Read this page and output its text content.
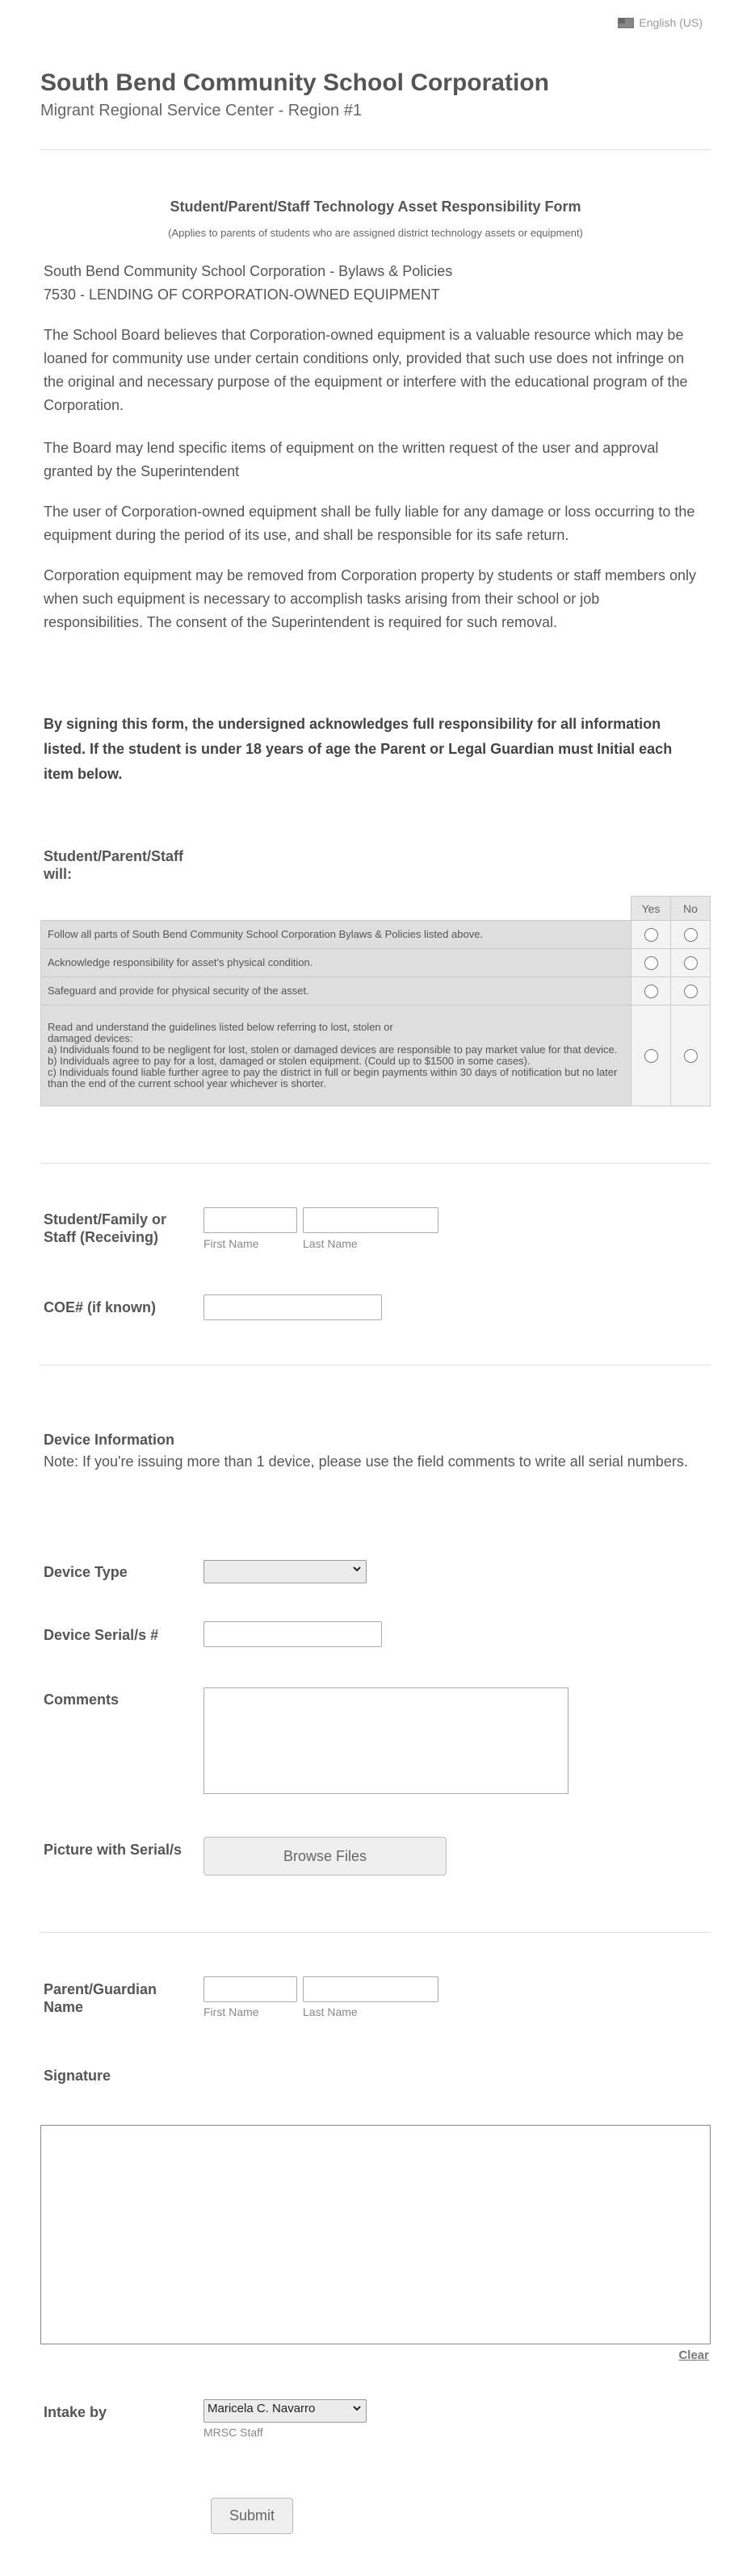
English (US)
South Bend Community School Corporation
Migrant Regional Service Center - Region #1
Student/Parent/Staff Technology Asset Responsibility Form
(Applies to parents of students who are assigned district technology assets or equipment)
South Bend Community School Corporation - Bylaws & Policies
7530 - LENDING OF CORPORATION-OWNED EQUIPMENT
The School Board believes that Corporation-owned equipment is a valuable resource which may be loaned for community use under certain conditions only, provided that such use does not infringe on the original and necessary purpose of the equipment or interfere with the educational program of the Corporation.
The Board may lend specific items of equipment on the written request of the user and approval granted by the Superintendent
The user of Corporation-owned equipment shall be fully liable for any damage or loss occurring to the equipment during the period of its use, and shall be responsible for its safe return.
Corporation equipment may be removed from Corporation property by students or staff members only when such equipment is necessary to accomplish tasks arising from their school or job responsibilities. The consent of the Superintendent is required for such removal.
By signing this form, the undersigned acknowledges full responsibility for all information listed. If the student is under 18 years of age the Parent or Legal Guardian must Initial each item below.
Student/Parent/Staff will:
	Yes	No
Follow all parts of South Bend Community School Corporation Bylaws & Policies listed above.		
Acknowledge responsibility for asset's physical condition.		
Safeguard and provide for physical security of the asset.		

Read and understand the guidelines listed below referring to lost, stolen or
damaged devices:
a) Individuals found to be negligent for lost, stolen or damaged devices are responsible to pay market value for that device.
b) Individuals agree to pay for a lost, damaged or stolen equipment. (Could up to $1500 in some cases).
c) Individuals found liable further agree to pay the district in full or begin payments within 30 days of notification but no later than the end of the current school year whichever is shorter.		

Student/Family or Staff (Receiving)	First Name	Last Name
COE# (if known)
Device Information
Note: If you're issuing more than 1 device, please use the field comments to write all serial numbers.
Device Type
Device Serial/s #
Comments
Picture with Serial/s	Browse Files
Parent/Guardian Name	First Name	Last Name
Signature
Clear
Intake by	Maricela C. Navarro
MRSC Staff
Submit
